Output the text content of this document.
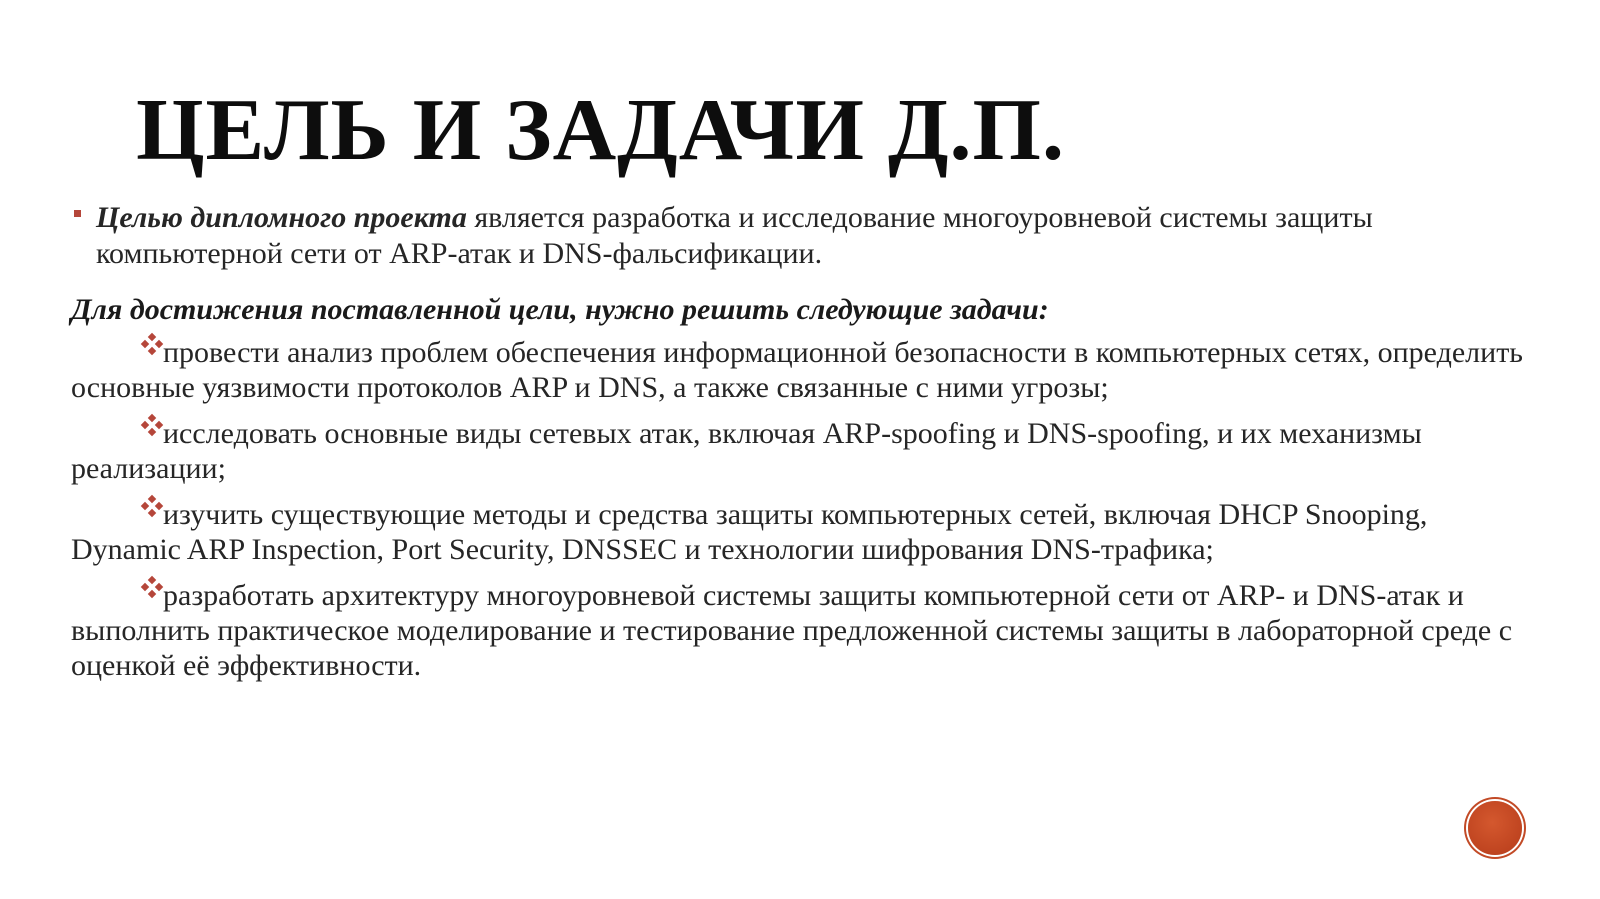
ЦЕЛЬ И ЗАДАЧИ Д.П.
Целью дипломного проекта является разработка и исследование многоуровневой системы защиты компьютерной сети от ARP-атак и DNS-фальсификации.
Для достижения поставленной цели, нужно решить следующие задачи:
провести анализ проблем обеспечения информационной безопасности в компьютерных сетях, определить основные уязвимости протоколов ARP и DNS, а также связанные с ними угрозы;
исследовать основные виды сетевых атак, включая ARP-spoofing и DNS-spoofing, и их механизмы реализации;
изучить существующие методы и средства защиты компьютерных сетей, включая DHCP Snooping, Dynamic ARP Inspection, Port Security, DNSSEC и технологии шифрования DNS-трафика;
разработать архитектуру многоуровневой системы защиты компьютерной сети от ARP- и DNS-атак и выполнить практическое моделирование и тестирование предложенной системы защиты в лабораторной среде с оценкой её эффективности.
